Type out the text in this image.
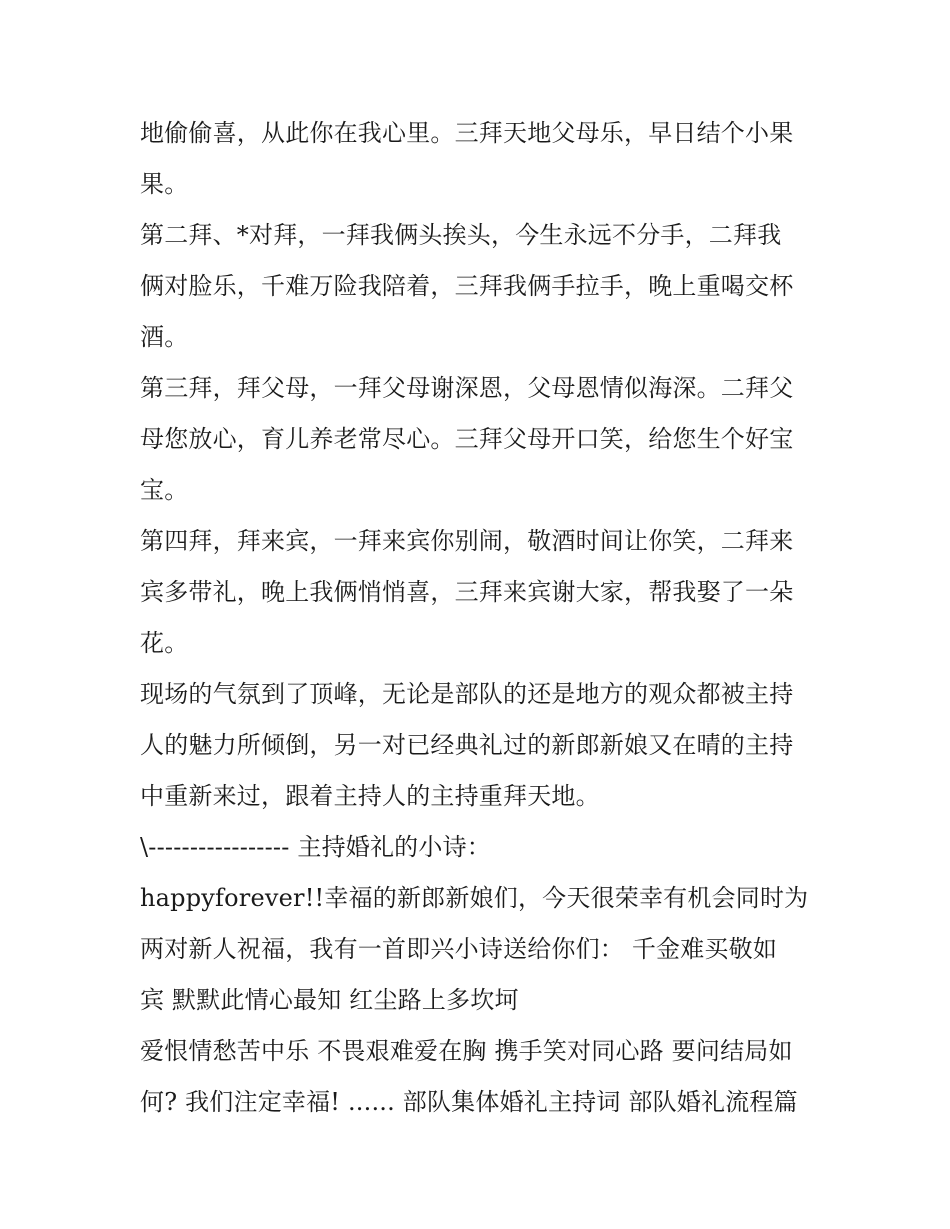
地偷偷喜，从此你在我心里。三拜天地父母乐，早日结个小果
果。
第二拜、*对拜，一拜我俩头挨头，今生永远不分手，二拜我
俩对脸乐，千难万险我陪着，三拜我俩手拉手，晚上重喝交杯
酒。
第三拜，拜父母，一拜父母谢深恩，父母恩情似海深。二拜父
母您放心，育儿养老常尽心。三拜父母开口笑，给您生个好宝
宝。
第四拜，拜来宾，一拜来宾你别闹，敬酒时间让你笑，二拜来
宾多带礼，晚上我俩悄悄喜，三拜来宾谢大家，帮我娶了一朵
花。
现场的气氛到了顶峰，无论是部队的还是地方的观众都被主持
人的魅力所倾倒，另一对已经典礼过的新郎新娘又在晴的主持
中重新来过，跟着主持人的主持重拜天地。
\----------------- 主持婚礼的小诗：
happyforever!!幸福的新郎新娘们，今天很荣幸有机会同时为
两对新人祝福，我有一首即兴小诗送给你们： 千金难买敬如
宾 默默此情心最知 红尘路上多坎坷
爱恨情愁苦中乐 不畏艰难爱在胸 携手笑对同心路 要问结局如
何? 我们注定幸福! ...... 部队集体婚礼主持词 部队婚礼流程篇
